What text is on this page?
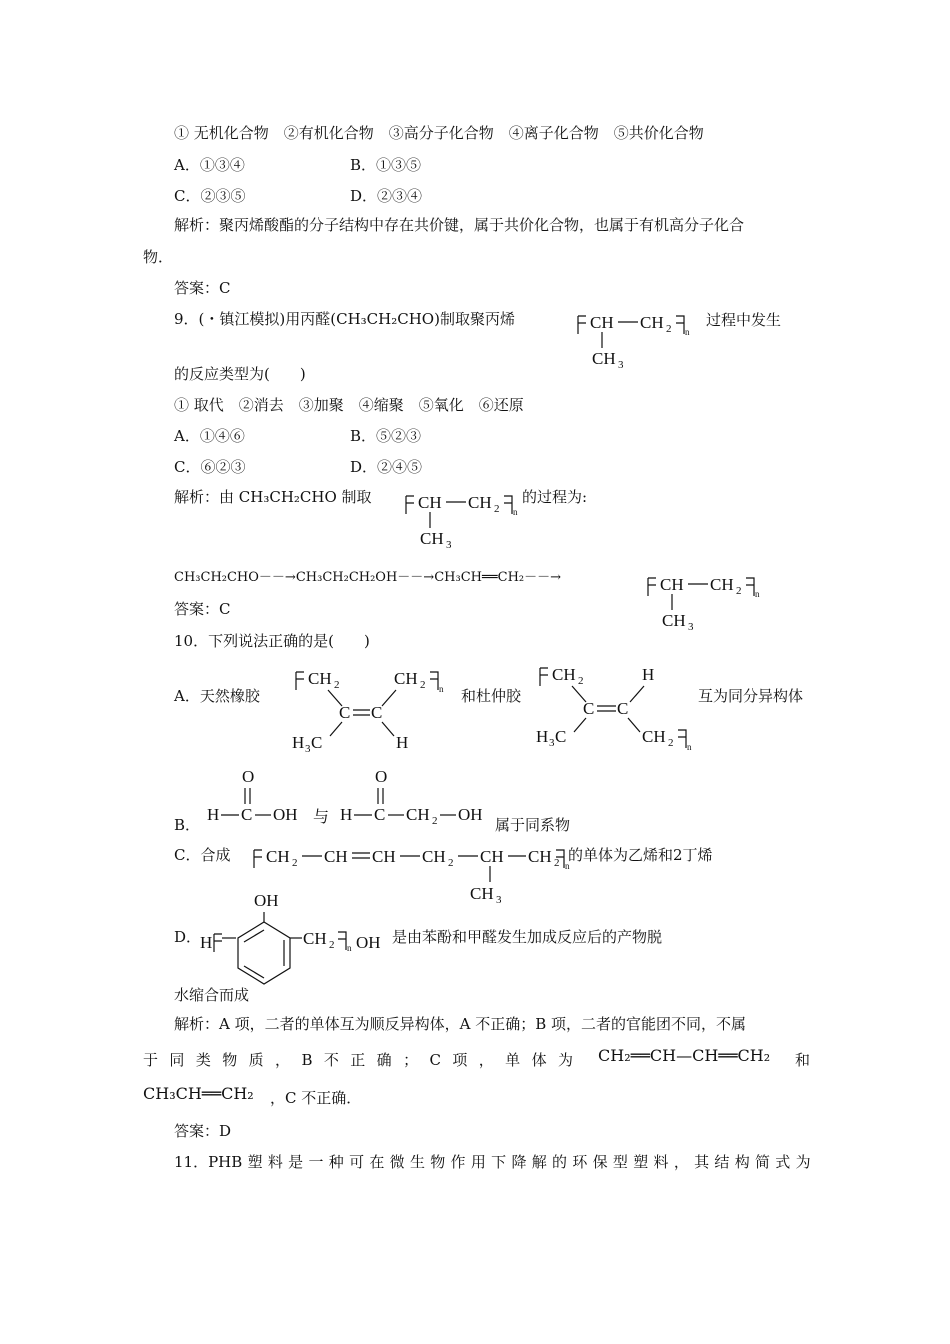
① 无机化合物　②有机化合物　③高分子化合物　④离子化合物　⑤共价化合物
A．①③④	B．①③⑤
C．②③⑤	D．②③④
解析：聚丙烯酸酯的分子结构中存在共价键，属于共价化合物，也属于有机高分子化合
物．
答案：C
9．(・镇江模拟)用丙醛(CH₃CH₂CHO)制取聚丙烯	CH CH 2 n
CH 3
过程中发生
的反应类型为(　　)
① 取代　②消去　③加聚　④缩聚　⑤氧化　⑥还原
A．①④⑥	B．⑤②③
C．⑥②③	D．②④⑤
解析：由 CH₃CH₂CHO 制取	CH CH 2 n
CH 3
的过程为:
CH₃CH₂CHO－－→CH₃CH₂CH₂OH－－→CH₃CH══CH₂－－→	CH CH 2 n
CH 3
答案：C
10．下列说法正确的是(　　)
A．天然橡胶
CH 2	CH 2 n
C C
H 3 C	H
和杜仲胶
CH 2	H
C C
H 3 C	CH 2 n
互为同分异构体
B．
O
H C OH 与
O
H C CH 2 OH
属于同系物
C．合成 CH 2 CH CH CH 2 CH CH 2 n
CH 3
的单体为乙烯和2丁烯
D．
OH
H	CH 2 n OH 是由苯酚和甲醛发生加成反应后的产物脱
水缩合而成
解析：A 项，二者的单体互为顺反异构体，A 不正确；B 项，二者的官能团不同，不属
于 同 类 物 质 ， B 不 正 确 ； C 项 ， 单 体 为 CH₂══CH—CH══CH₂ 和
CH₃CH══CH₂ ，C 不正确．
答案：D
11．PHB 塑 料 是 一 种 可 在 微 生 物 作 用 下 降 解 的 环 保 型 塑 料 ， 其 结 构 简 式 为
